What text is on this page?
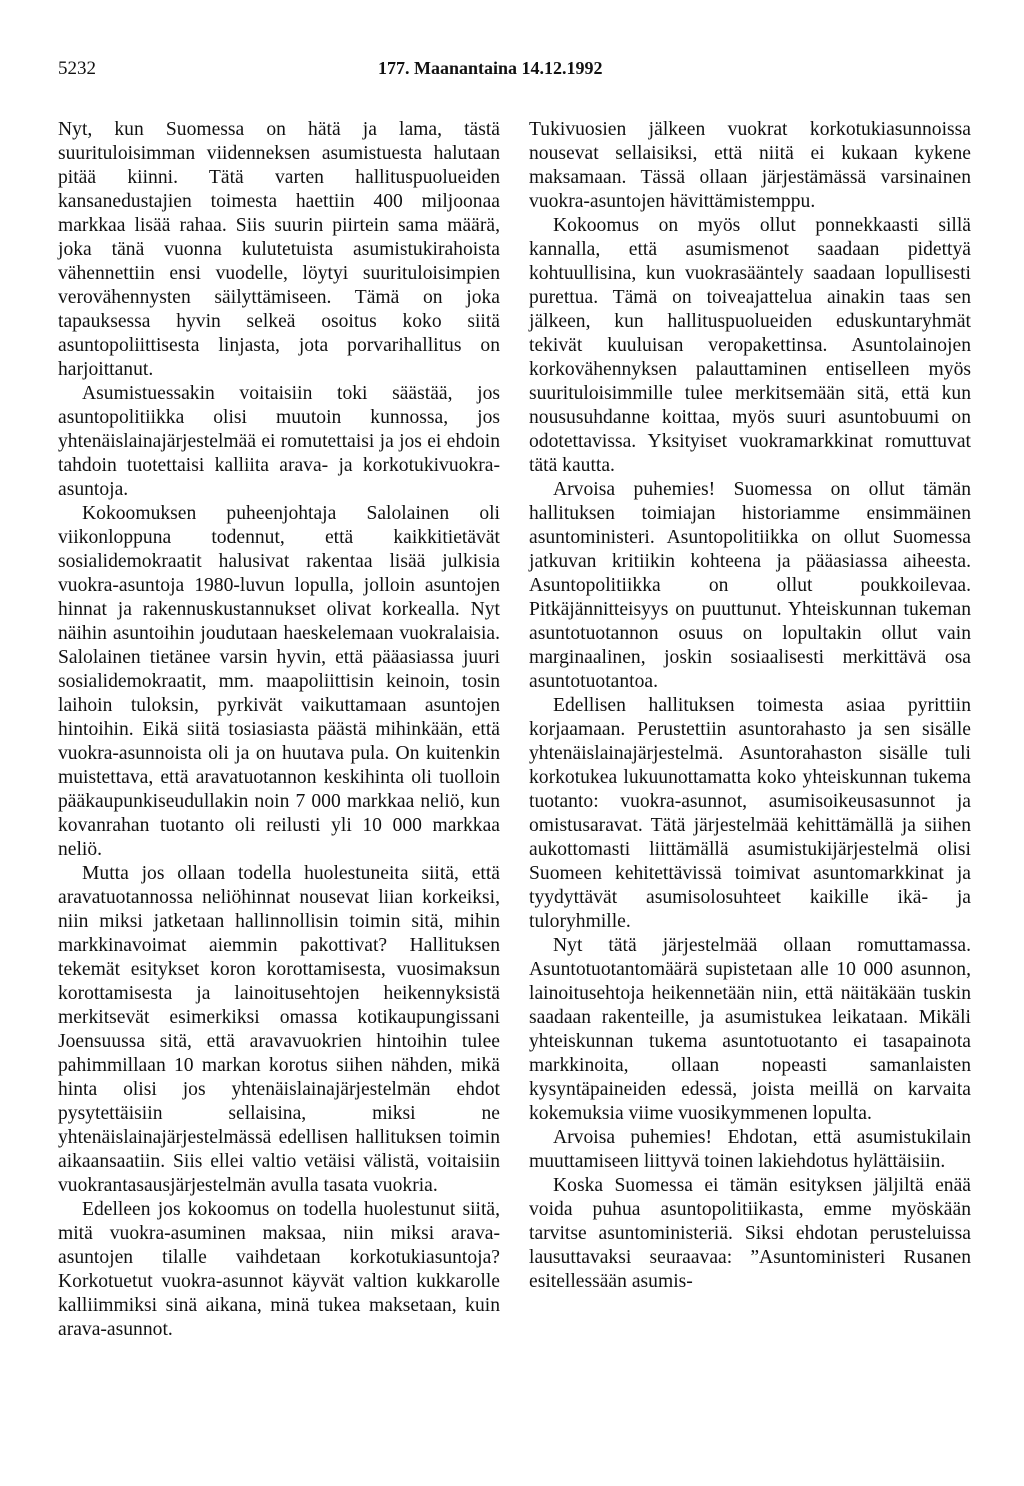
5232	177. Maanantaina 14.12.1992

Nyt, kun Suomessa on hätä ja lama, tästä suurituloisimman viidenneksen asumistuesta halutaan pitää kiinni. Tätä varten hallituspuolueiden kansanedustajien toimesta haettiin 400 miljoonaa markkaa lisää rahaa. Siis suurin piirtein sama määrä, joka tänä vuonna kulutetuista asumistukirahoista vähennettiin ensi vuodelle, löytyi suurituloisimpien verovähennysten säilyttämiseen. Tämä on joka tapauksessa hyvin selkeä osoitus koko siitä asuntopoliittisesta linjasta, jota porvarihallitus on harjoittanut.

Asumistuessakin voitaisiin toki säästää, jos asuntopolitiikka olisi muutoin kunnossa, jos yhtenäislainajärjestelmää ei romutettaisi ja jos ei ehdoin tahdoin tuotettaisi kalliita arava- ja korkotukivuokra-asuntoja.

Kokoomuksen puheenjohtaja Salolainen oli viikonloppuna todennut, että kaikkitietävät sosialidemokraatit halusivat rakentaa lisää julkisia vuokra-asuntoja 1980-luvun lopulla, jolloin asuntojen hinnat ja rakennuskustannukset olivat korkealla. Nyt näihin asuntoihin joudutaan haeskelemaan vuokralaisia. Salolainen tietänee varsin hyvin, että pääasiassa juuri sosialidemokraatit, mm. maapoliittisin keinoin, tosin laihoin tuloksin, pyrkivät vaikuttamaan asuntojen hintoihin. Eikä siitä tosiasiasta päästä mihinkään, että vuokra-asunnoista oli ja on huutava pula. On kuitenkin muistettava, että aravatuotannon keskihinta oli tuolloin pääkaupunkiseudullakin noin 7 000 markkaa neliö, kun kovanrahan tuotanto oli reilusti yli 10 000 markkaa neliö.

Mutta jos ollaan todella huolestuneita siitä, että aravatuotannossa neliöhinnat nousevat liian korkeiksi, niin miksi jatketaan hallinnollisin toimin sitä, mihin markkinavoimat aiemmin pakottivat? Hallituksen tekemät esitykset koron korottamisesta, vuosimaksun korottamisesta ja lainoitusehtojen heikennyksistä merkitsevät esimerkiksi omassa kotikaupungissani Joensuussa sitä, että aravavuokrien hintoihin tulee pahimmillaan 10 markan korotus siihen nähden, mikä hinta olisi jos yhtenäislainajärjestelmän ehdot pysytettäisiin sellaisina, miksi ne yhtenäislainajärjestelmässä edellisen hallituksen toimin aikaansaatiin. Siis ellei valtio vetäisi välistä, voitaisiin vuokrantasausjärjestelmän avulla tasata vuokria.

Edelleen jos kokoomus on todella huolestunut siitä, mitä vuokra-asuminen maksaa, niin miksi arava-asuntojen tilalle vaihdetaan korkotukiasuntoja? Korkotuetut vuokra-asunnot käyvät valtion kukkarolle kalliimmiksi sinä aikana, minä tukea maksetaan, kuin arava-asunnot.

Tukivuosien jälkeen vuokrat korkotukiasunnoissa nousevat sellaisiksi, että niitä ei kukaan kykene maksamaan. Tässä ollaan järjestämässä varsinainen vuokra-asuntojen hävittämistemppu.

Kokoomus on myös ollut ponnekkaasti sillä kannalla, että asumismenot saadaan pidettyä kohtuullisina, kun vuokrasääntely saadaan lopullisesti purettua. Tämä on toiveajattelua ainakin taas sen jälkeen, kun hallituspuolueiden eduskuntaryhmät tekivät kuuluisan veropakettinsa. Asuntolainojen korkovähennyksen palauttaminen entiselleen myös suurituloisimmille tulee merkitsemään sitä, että kun noususuhdanne koittaa, myös suuri asuntobuumi on odotettavissa. Yksityiset vuokramarkkinat romuttuvat tätä kautta.

Arvoisa puhemies! Suomessa on ollut tämän hallituksen toimiajan historiamme ensimmäinen asuntoministeri. Asuntopolitiikka on ollut Suomessa jatkuvan kritiikin kohteena ja pääasiassa aiheesta. Asuntopolitiikka on ollut poukkoilevaa. Pitkäjännitteisyys on puuttunut. Yhteiskunnan tukeman asuntotuotannon osuus on lopultakin ollut vain marginaalinen, joskin sosiaalisesti merkittävä osa asuntotuotantoa.

Edellisen hallituksen toimesta asiaa pyrittiin korjaamaan. Perustettiin asuntorahasto ja sen sisälle yhtenäislainajärjestelmä. Asuntorahaston sisälle tuli korkotukea lukuunottamatta koko yhteiskunnan tukema tuotanto: vuokra-asunnot, asumisoikeusasunnot ja omistusaravat. Tätä järjestelmää kehittämällä ja siihen aukottomasti liittämällä asumistukijärjestelmä olisi Suomeen kehitettävissä toimivat asuntomarkkinat ja tyydyttävät asumisolosuhteet kaikille ikä- ja tuloryhmille.

Nyt tätä järjestelmää ollaan romuttamassa. Asuntotuotantomäärä supistetaan alle 10 000 asunnon, lainoitusehtoja heikennetään niin, että näitäkään tuskin saadaan rakenteille, ja asumistukea leikataan. Mikäli yhteiskunnan tukema asuntotuotanto ei tasapainota markkinoita, ollaan nopeasti samanlaisten kysyntäpaineiden edessä, joista meillä on karvaita kokemuksia viime vuosikymmenen lopulta.

Arvoisa puhemies! Ehdotan, että asumistukilain muuttamiseen liittyvä toinen lakiehdotus hylättäisiin.

Koska Suomessa ei tämän esityksen jäljiltä enää voida puhua asuntopolitiikasta, emme myöskään tarvitse asuntoministeriä. Siksi ehdotan perusteluissa lausuttavaksi seuraavaa: ”Asuntoministeri Rusanen esitellessään asumis-
